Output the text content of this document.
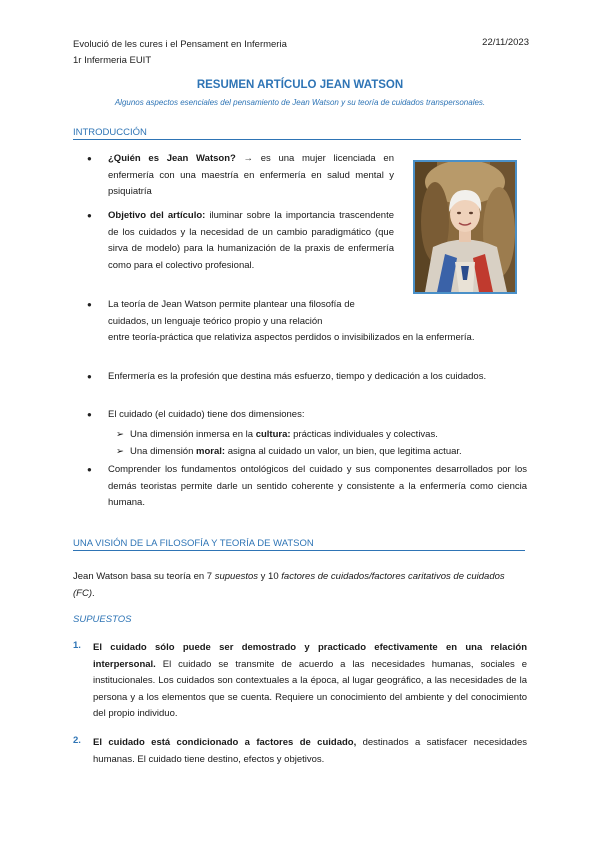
Evolució de les cures i el Pensament en Infermeria
1r Infermeria EUIT
22/11/2023
RESUMEN ARTÍCULO JEAN WATSON
Algunos aspectos esenciales del pensamiento de Jean Watson y su teoría de cuidados transpersonales.
INTRODUCCIÓN
● ¿Quién es Jean Watson? → es una mujer licenciada en enfermería con una maestría en enfermería en salud mental y psiquiatría
● Objetivo del artículo: iluminar sobre la importancia trascendente de los cuidados y la necesidad de un cambio paradigmático (que sirva de modelo) para la humanización de la praxis de enfermería como para el colectivo profesional.
● La teoría de Jean Watson permite plantear una filosofía de cuidados, un lenguaje teórico propio y una relación
entre teoría-práctica que relativiza aspectos perdidos o invisibilizados en la enfermería.
● Enfermería es la profesión que destina más esfuerzo, tiempo y dedicación a los cuidados.
● El cuidado (el cuidado) tiene dos dimensiones:
➢ Una dimensión inmersa en la cultura: prácticas individuales y colectivas.
➢ Una dimensión moral: asigna al cuidado un valor, un bien, que legitima actuar.
● Comprender los fundamentos ontológicos del cuidado y sus componentes desarrollados por los demás teoristas permite darle un sentido coherente y consistente a la enfermería como ciencia humana.
UNA VISIÓN DE LA FILOSOFÍA Y TEORÍA DE WATSON
Jean Watson basa su teoría en 7 supuestos y 10 factores de cuidados/factores caritativos de cuidados (FC).
SUPUESTOS
1. El cuidado sólo puede ser demostrado y practicado efectivamente en una relación interpersonal. El cuidado se transmite de acuerdo a las necesidades humanas, sociales e institucionales. Los cuidados son contextuales a la época, al lugar geográfico, a las necesidades de la persona y a los elementos que se cuenta. Requiere un conocimiento del ambiente y del conocimiento del propio individuo.
2. El cuidado está condicionado a factores de cuidado, destinados a satisfacer necesidades humanas. El cuidado tiene destino, efectos y objetivos.
